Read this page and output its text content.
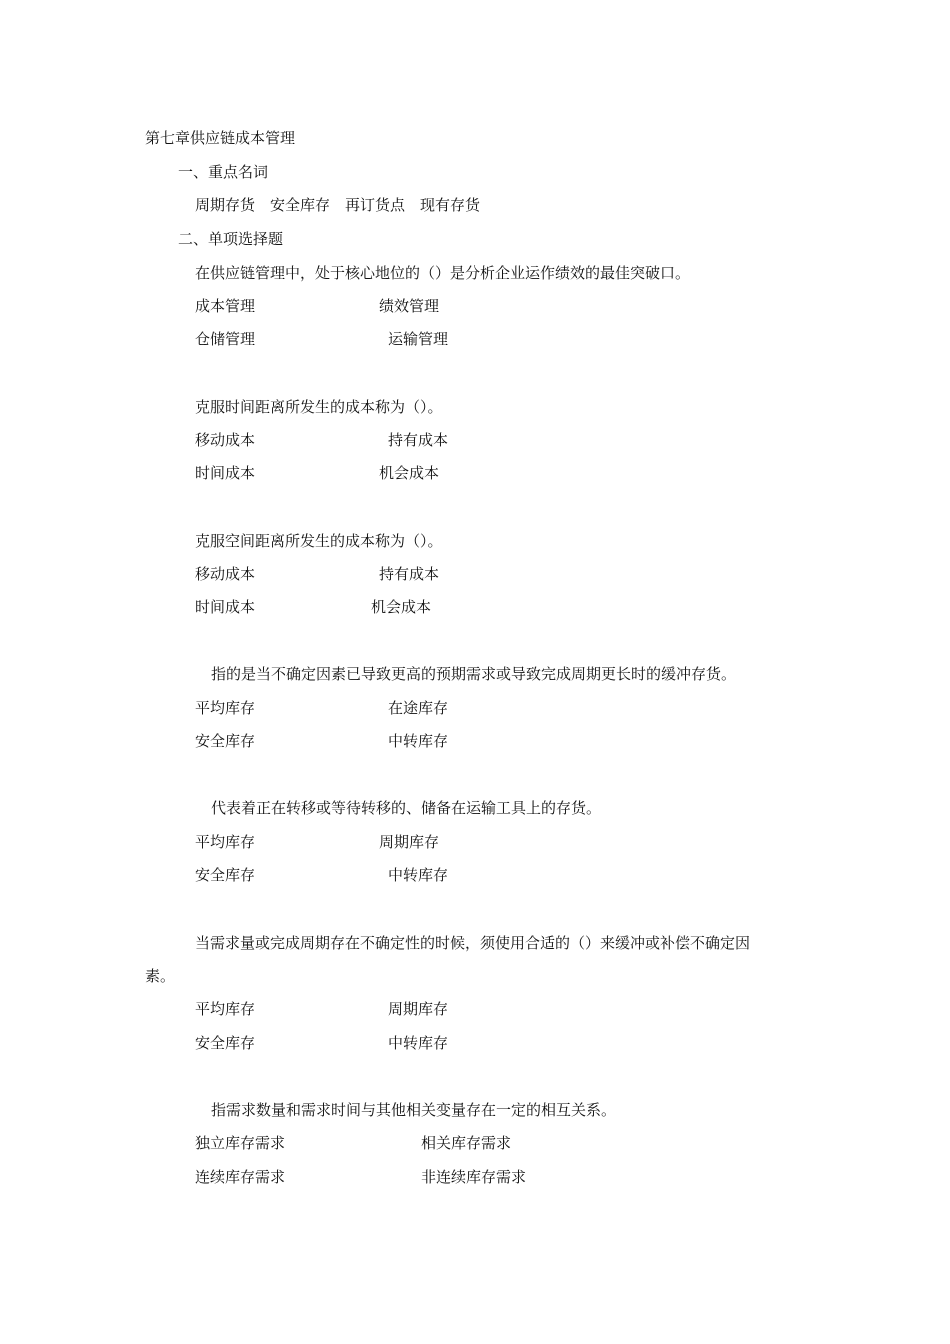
第七章供应链成本管理
一、重点名词
周期存货　安全库存　再订货点　现有存货
二、单项选择题
在供应链管理中，处于核心地位的（）是分析企业运作绩效的最佳突破口。
成本管理	绩效管理
仓储管理	运输管理
克服时间距离所发生的成本称为（）。
移动成本	持有成本
时间成本	机会成本
克服空间距离所发生的成本称为（）。
移动成本	持有成本
时间成本	机会成本
指的是当不确定因素已导致更高的预期需求或导致完成周期更长时的缓冲存货。
平均库存	在途库存
安全库存	中转库存
代表着正在转移或等待转移的、储备在运输工具上的存货。
平均库存	周期库存
安全库存	中转库存
当需求量或完成周期存在不确定性的时候，须使用合适的（）来缓冲或补偿不确定因
素。
平均库存	周期库存
安全库存	中转库存
指需求数量和需求时间与其他相关变量存在一定的相互关系。
独立库存需求	相关库存需求
连续库存需求	非连续库存需求
